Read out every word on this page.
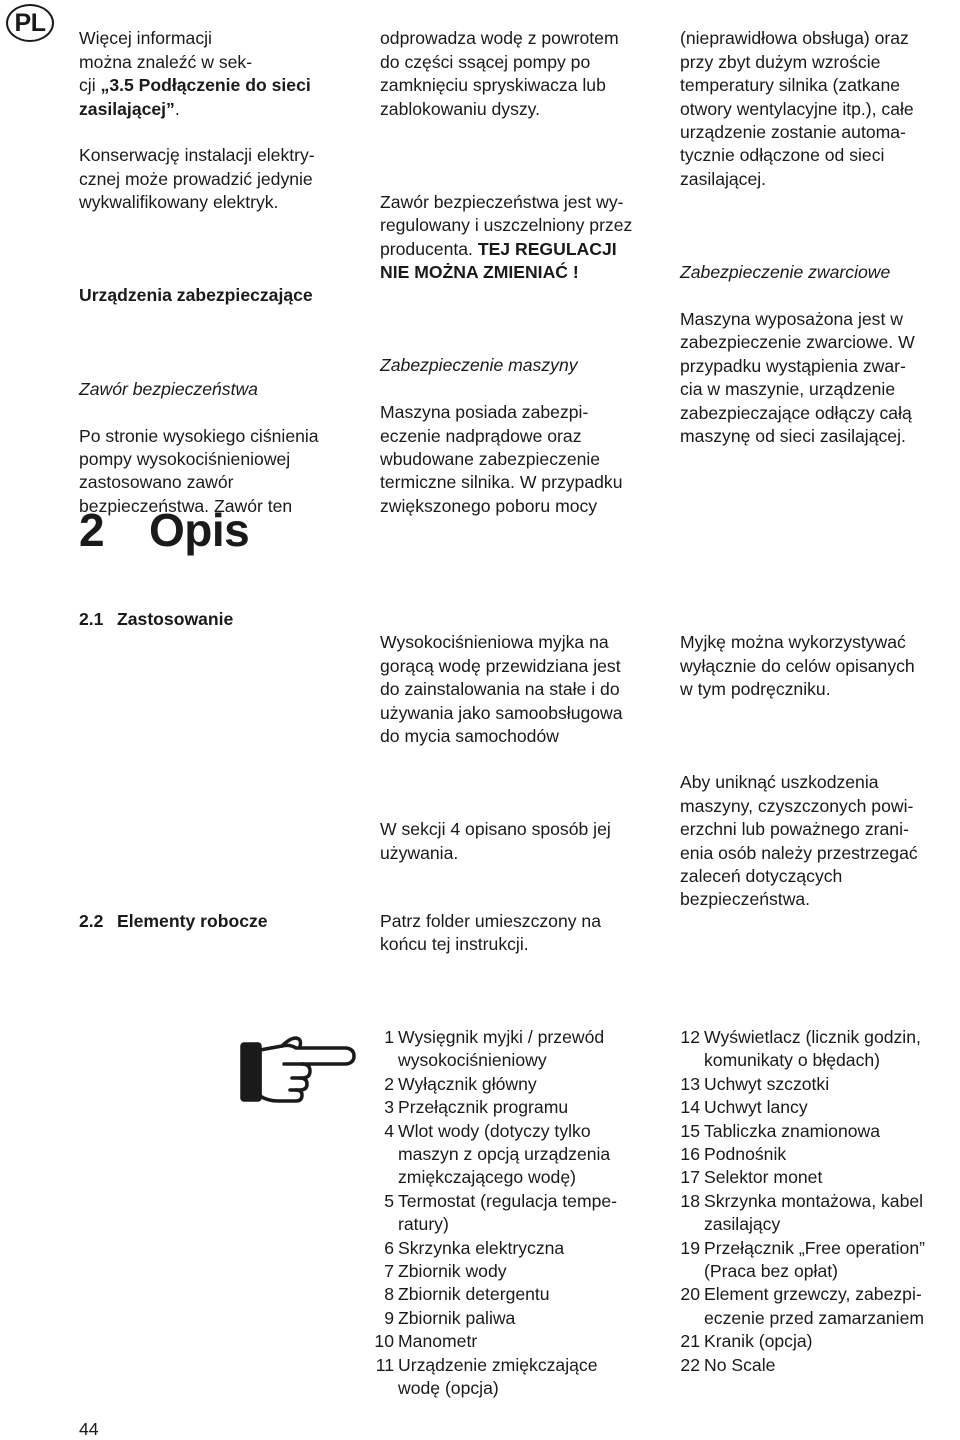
PL

Więcej informacji
można znaleźć w sek-
cji „3.5 Podłączenie do sieci
zasilającej”.

Konserwację instalacji elektry-
cznej może prowadzić jedynie
wykwalifikowany elektryk.

Urządzenia zabezpieczające

Zawór bezpieczeństwa

Po stronie wysokiego ciśnienia
pompy wysokociśnieniowej
zastosowano zawór
bezpieczeństwa. Zawór ten

odprowadza wodę z powrotem
do części ssącej pompy po
zamknięciu spryskiwacza lub
zablokowaniu dyszy.

Zawór bezpieczeństwa jest wy-
regulowany i uszczelniony przez
producenta. TEJ REGULACJI
NIE MOŻNA ZMIENIAĆ !

Zabezpieczenie maszyny

Maszyna posiada zabezpi-
eczenie nadprądowe oraz
wbudowane zabezpieczenie
termiczne silnika. W przypadku
zwiększonego poboru mocy

(nieprawidłowa obsługa) oraz
przy zbyt dużym wzroście
temperatury silnika (zatkane
otwory wentylacyjne itp.), całe
urządzenie zostanie automa-
tycznie odłączone od sieci
zasilającej.

Zabezpieczenie zwarciowe

Maszyna wyposażona jest w
zabezpieczenie zwarciowe. W
przypadku wystąpienia zwar-
cia w maszynie, urządzenie
zabezpieczające odłączy całą
maszynę od sieci zasilającej.

2 Opis
2.1 Zastosowanie

Wysokociśnieniowa myjka na
gorącą wodę przewidziana jest
do zainstalowania na stałe i do
używania jako samoobsługowa
do mycia samochodów

W sekcji 4 opisano sposób jej
używania.

Myjkę można wykorzystywać
wyłącznie do celów opisanych
w tym podręczniku.

Aby uniknąć uszkodzenia
maszyny, czyszczonych powi-
erzchni lub poważnego zrani-
enia osób należy przestrzegać
zaleceń dotyczących
bezpieczeństwa.

2.2 Elementy robocze	Patrz folder umieszczony na
końcu tej instrukcji.
1 Wysięgnik myjki / przewód
wysokociśnieniowy
2 Wyłącznik główny
3 Przełącznik programu
4 Wlot wody (dotyczy tylko
maszyn z opcją urządzenia
zmiękczającego wodę)
5 Termostat (regulacja tempe-
ratury)
6 Skrzynka elektryczna
7 Zbiornik wody
8 Zbiornik detergentu
9 Zbiornik paliwa
10 Manometr
11 Urządzenie zmiękczające
wodę (opcja)
12 Wyświetlacz (licznik godzin,
komunikaty o błędach)
13 Uchwyt szczotki
14 Uchwyt lancy
15 Tabliczka znamionowa
16 Podnośnik
17 Selektor monet
18 Skrzynka montażowa, kabel
zasilający
19 Przełącznik „Free operation”
(Praca bez opłat)
20 Element grzewczy, zabezpi-
eczenie przed zamarzaniem
21 Kranik (opcja)
22 No Scale
44
